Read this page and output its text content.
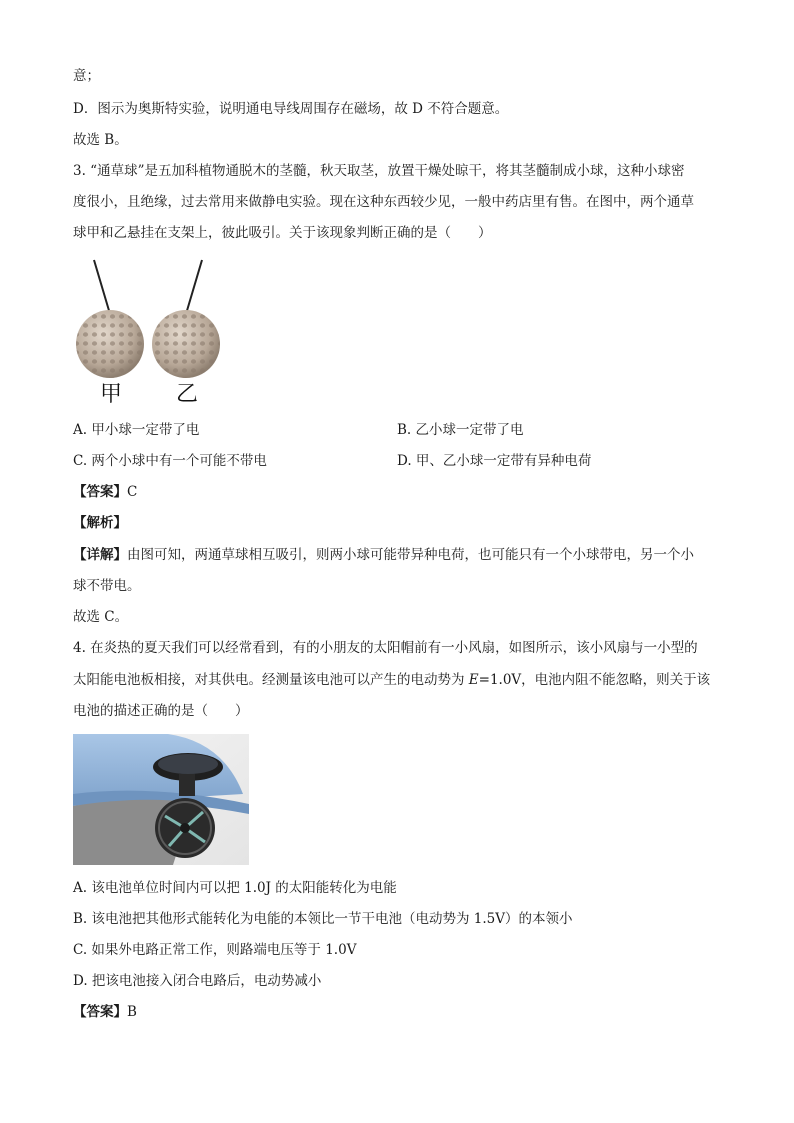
意；
D．图示为奥斯特实验，说明通电导线周围存在磁场，故 D 不符合题意。
故选 B。
3. “通草球”是五加科植物通脱木的茎髓，秋天取茎，放置干燥处晾干，将其茎髓制成小球，这种小球密
度很小，且绝缘，过去常用来做静电实验。现在这种东西较少见，一般中药店里有售。在图中，两个通草
球甲和乙悬挂在支架上，彼此吸引。关于该现象判断正确的是（　　）
甲 乙
A. 甲小球一定带了电	B. 乙小球一定带了电
C. 两个小球中有一个可能不带电	D. 甲、乙小球一定带有异种电荷
【答案】C
【解析】
【详解】由图可知，两通草球相互吸引，则两小球可能带异种电荷，也可能只有一个小球带电，另一个小
球不带电。
故选 C。
4. 在炎热的夏天我们可以经常看到，有的小朋友的太阳帽前有一小风扇，如图所示，该小风扇与一小型的
太阳能电池板相接，对其供电。经测量该电池可以产生的电动势为 E=1.0V，电池内阻不能忽略，则关于该
电池的描述正确的是（　　）
A. 该电池单位时间内可以把 1.0J 的太阳能转化为电能
B. 该电池把其他形式能转化为电能的本领比一节干电池（电动势为 1.5V）的本领小
C. 如果外电路正常工作，则路端电压等于 1.0V
D. 把该电池接入闭合电路后，电动势减小
【答案】B
